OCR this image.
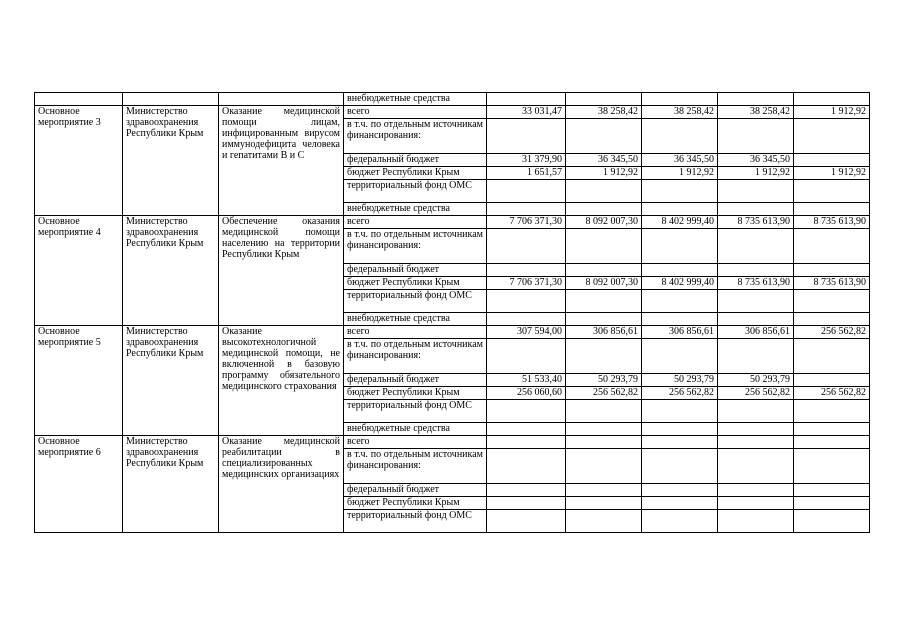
			внебюджетные средства					
Основное мероприятие 3	Министерство здравоохранения Республики Крым	Оказание медицинской помощи лицам, инфицированным вирусом иммунодефицита человека и гепатитами В и С	всего	33 031,47	38 258,42	38 258,42	38 258,42	1 912,92
			в т.ч. по отдельным источникам финансирования:					
			федеральный бюджет	31 379,90	36 345,50	36 345,50	36 345,50	
			бюджет Республики Крым	1 651,57	1 912,92	1 912,92	1 912,92	1 912,92
			территориальный фонд ОМС					
			внебюджетные средства					
Основное мероприятие 4	Министерство здравоохранения Республики Крым	Обеспечение оказания медицинской помощи населению на территории Республики Крым	всего	7 706 371,30	8 092 007,30	8 402 999,40	8 735 613,90	8 735 613,90
			в т.ч. по отдельным источникам финансирования:					
			федеральный бюджет					
			бюджет Республики Крым	7 706 371,30	8 092 007,30	8 402 999,40	8 735 613,90	8 735 613,90
			территориальный фонд ОМС					
			внебюджетные средства					
Основное мероприятие 5	Министерство здравоохранения Республики Крым	Оказание высокотехнологичной медицинской помощи, не включенной в базовую программу обязательного медицинского страхования	всего	307 594,00	306 856,61	306 856,61	306 856,61	256 562,82
			в т.ч. по отдельным источникам финансирования:					
			федеральный бюджет	51 533,40	50 293,79	50 293,79	50 293,79	
			бюджет Республики Крым	256 060,60	256 562,82	256 562,82	256 562,82	256 562,82
			территориальный фонд ОМС					
			внебюджетные средства					
Основное мероприятие 6	Министерство здравоохранения Республики Крым	Оказание медицинской реабилитации в специализированных медицинских организациях	всего					
			в т.ч. по отдельным источникам финансирования:					
			федеральный бюджет					
			бюджет Республики Крым					
			территориальный фонд ОМС					
